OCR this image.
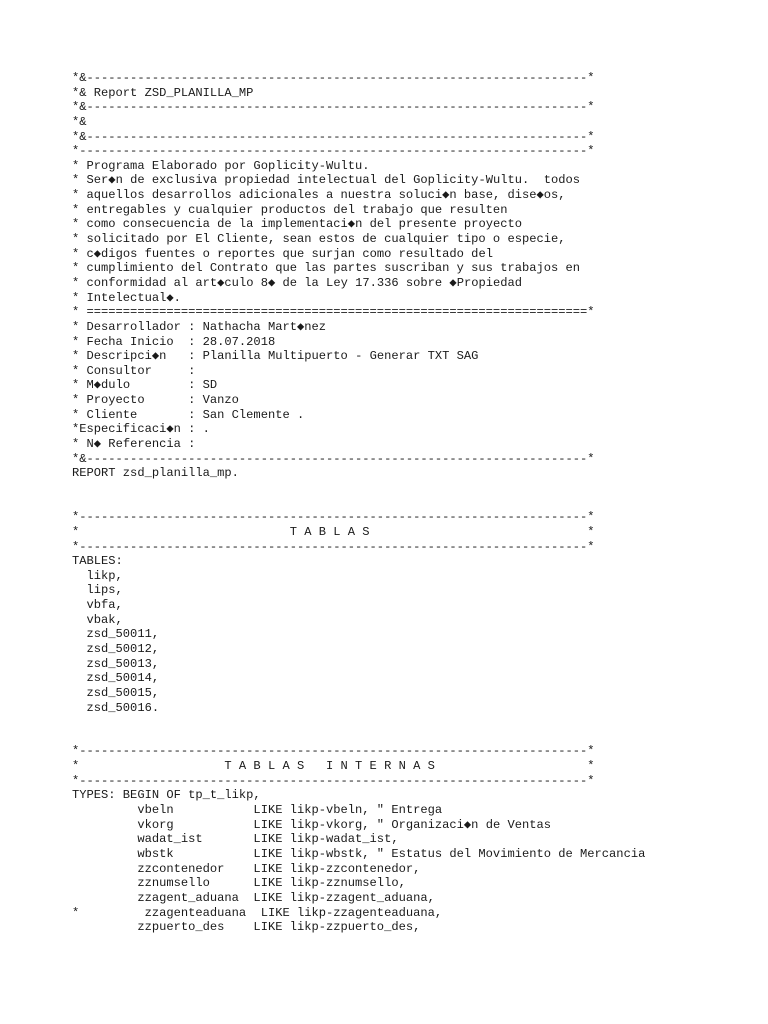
*&---------------------------------------------------------------------*
*& Report ZSD_PLANILLA_MP
*&---------------------------------------------------------------------*
*&
*&---------------------------------------------------------------------*
*----------------------------------------------------------------------*
* Programa Elaborado por Goplicity-Wultu.
* Ser◆n de exclusiva propiedad intelectual del Goplicity-Wultu.  todos
* aquellos desarrollos adicionales a nuestra soluci◆n base, dise◆os,
* entregables y cualquier productos del trabajo que resulten
* como consecuencia de la implementaci◆n del presente proyecto
* solicitado por El Cliente, sean estos de cualquier tipo o especie,
* c◆digos fuentes o reportes que surjan como resultado del
* cumplimiento del Contrato que las partes suscriban y sus trabajos en
* conformidad al art◆culo 8◆ de la Ley 17.336 sobre ◆Propiedad
* Intelectual◆.
* =====================================================================*
* Desarrollador : Nathacha Mart◆nez
* Fecha Inicio  : 28.07.2018
* Descripci◆n   : Planilla Multipuerto - Generar TXT SAG
* Consultor     :
* M◆dulo        : SD
* Proyecto      : Vanzo
* Cliente       : San Clemente .
*Especificaci◆n : .
* N◆ Referencia :
*&---------------------------------------------------------------------*
REPORT zsd_planilla_mp.
*----------------------------------------------------------------------*
*                             T A B L A S                              *
*----------------------------------------------------------------------*
TABLES:
likp,
lips,
vbfa,
vbak,
zsd_50011,
zsd_50012,
zsd_50013,
zsd_50014,
zsd_50015,
zsd_50016.
*----------------------------------------------------------------------*
*                    T A B L A S   I N T E R N A S                     *
*----------------------------------------------------------------------*
TYPES: BEGIN OF tp_t_likp,
vbeln           LIKE likp-vbeln, " Entrega
vkorg           LIKE likp-vkorg, " Organizaci◆n de Ventas
wadat_ist       LIKE likp-wadat_ist,
wbstk           LIKE likp-wbstk, " Estatus del Movimiento de Mercancia
zzcontenedor    LIKE likp-zzcontenedor,
zznumsello      LIKE likp-zznumsello,
zzagent_aduana  LIKE likp-zzagent_aduana,
*         zzagenteaduana  LIKE likp-zzagenteaduana,
zzpuerto_des    LIKE likp-zzpuerto_des,
